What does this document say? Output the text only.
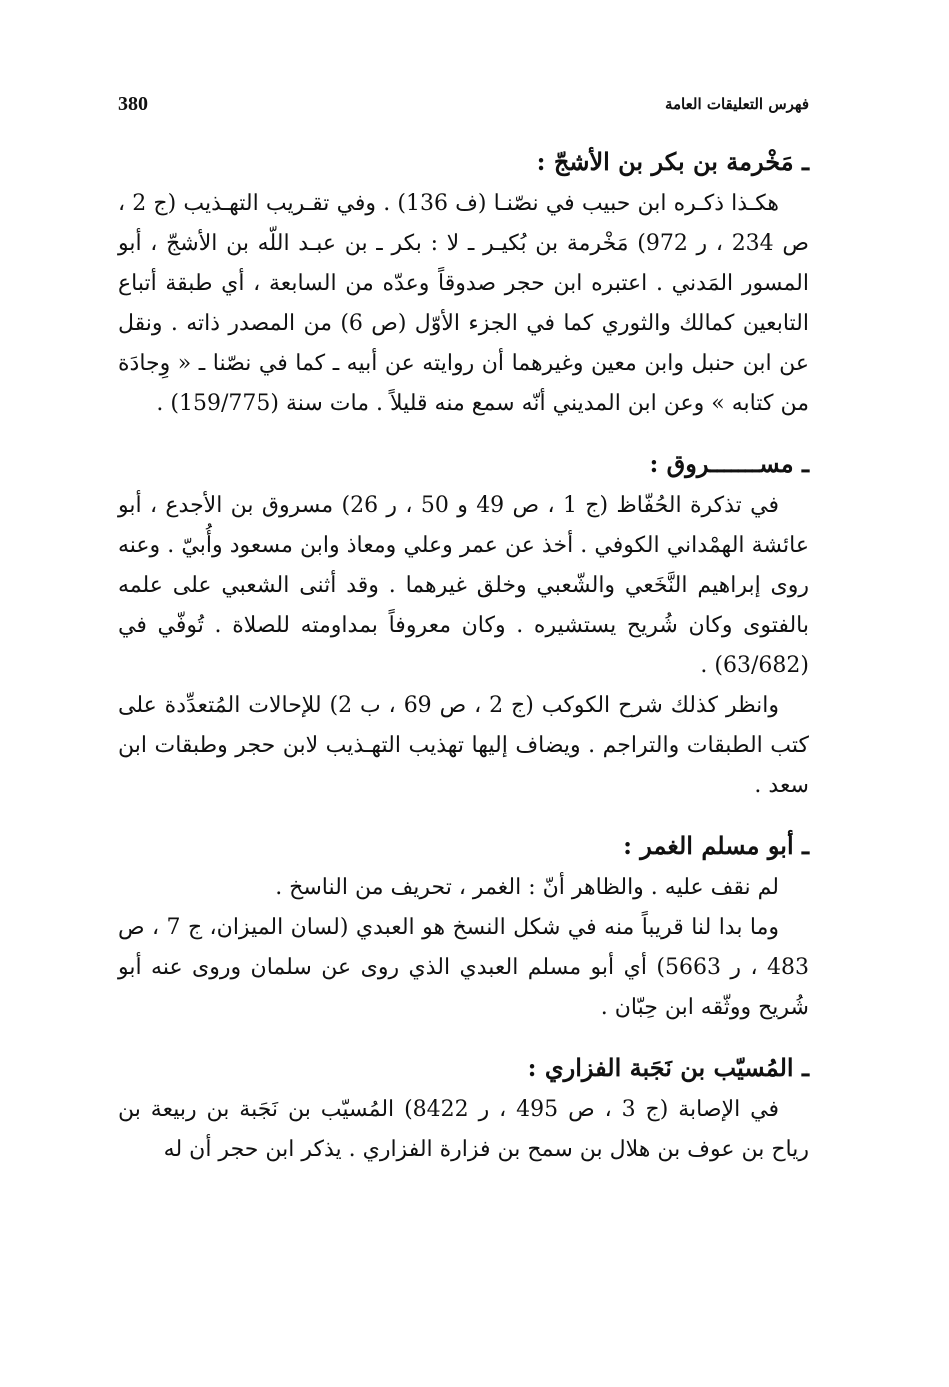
380	فهرس التعليقات العامة

ـ مَخْرمة بن بكر بن الأشجّ :

هكـذا ذكـره ابن حبيب في نصّنـا (ف 136) . وفي تقـريب التهـذيب (ج 2 ، ص 234 ، ر 972) مَخْرمة بن بُكيـر ـ لا : بكر ـ بن عبـد اللّه بن الأشجّ ، أبو المسور المَدني . اعتبره ابن حجر صدوقاً وعدّه من السابعة ، أي طبقة أتباع التابعين كمالك والثوري كما في الجزء الأوّل (ص 6) من المصدر ذاته . ونقل عن ابن حنبل وابن معين وغيرهما أن روايته عن أبيه ـ كما في نصّنا ـ « وِجادَة من كتابه » وعن ابن المديني أنّه سمع منه قليلاً . مات سنة (159/775) .

ـ مســـــــروق :

في تذكرة الحُفّاظ (ج 1 ، ص 49 و 50 ، ر 26) مسروق بن الأجدع ، أبو عائشة الهمْداني الكوفي . أخذ عن عمر وعلي ومعاذ وابن مسعود وأُبيّ . وعنه روى إبراهيم النَّخَعي والشّعبي وخلق غيرهما . وقد أثنى الشعبي على علمه بالفتوى وكان شُريح يستشيره . وكان معروفاً بمداومته للصلاة . تُوفّي في (63/682) .

وانظر كذلك شرح الكوكب (ج 2 ، ص 69 ، ب 2) للإحالات المُتعدِّدة على كتب الطبقات والتراجم . ويضاف إليها تهذيب التهـذيب لابن حجر وطبقات ابن سعد .

ـ أبو مسلم الغمر :

لم نقف عليه . والظاهر أنّ : الغمر ، تحريف من الناسخ .

وما بدا لنا قريباً منه في شكل النسخ هو العبدي (لسان الميزان، ج 7 ، ص 483 ، ر 5663) أي أبو مسلم العبدي الذي روى عن سلمان وروى عنه أبو شُريح ووثّقه ابن حِبّان .

ـ المُسيّب بن نَجَبة الفزاري :

في الإصابة (ج 3 ، ص 495 ، ر 8422) المُسيّب بن نَجَبة بن ربيعة بن رياح بن عوف بن هلال بن سمح بن فزارة الفزاري . يذكر ابن حجر أن له
